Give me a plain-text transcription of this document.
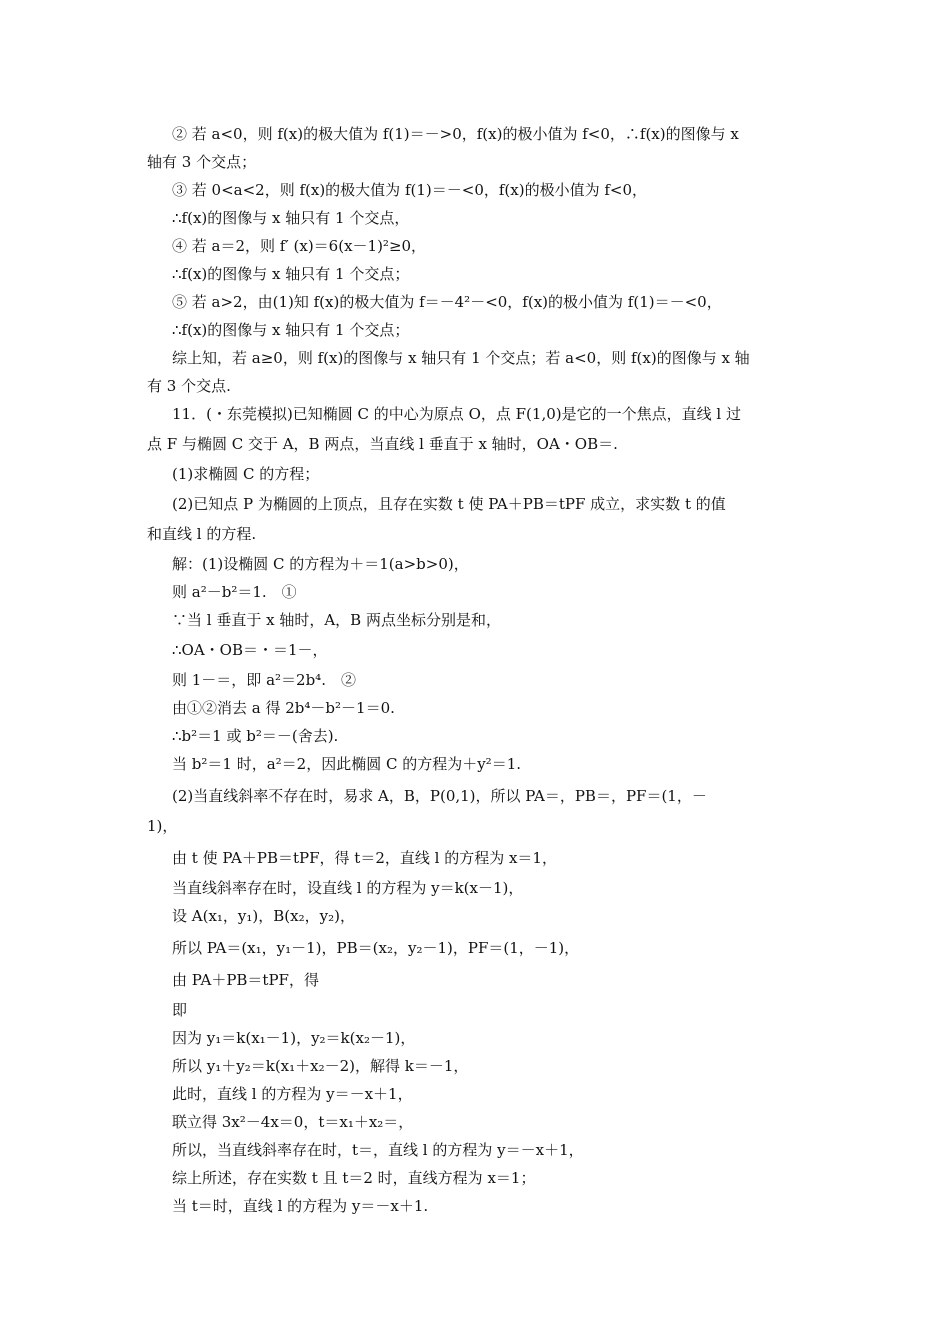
② 若 a<0，则 f(x)的极大值为 f(1)＝－>0，f(x)的极小值为 f<0，∴f(x)的图像与 x
轴有 3 个交点；
③ 若 0<a<2，则 f(x)的极大值为 f(1)＝－<0，f(x)的极小值为 f<0，
∴f(x)的图像与 x 轴只有 1 个交点，
④ 若 a＝2，则 f′ (x)＝6(x－1)²≥0，
∴f(x)的图像与 x 轴只有 1 个交点；
⑤ 若 a>2，由(1)知 f(x)的极大值为 f＝－4²－<0，f(x)的极小值为 f(1)＝－<0，
∴f(x)的图像与 x 轴只有 1 个交点；
综上知，若 a≥0，则 f(x)的图像与 x 轴只有 1 个交点；若 a<0，则 f(x)的图像与 x 轴
有 3 个交点.
11．(・东莞模拟)已知椭圆 C 的中心为原点 O，点 F(1,0)是它的一个焦点，直线 l 过
点 F 与椭圆 C 交于 A，B 两点，当直线 l 垂直于 x 轴时，OA・OB＝.
(1)求椭圆 C 的方程；
(2)已知点 P 为椭圆的上顶点，且存在实数 t 使 PA＋PB＝tPF 成立，求实数 t 的值
和直线 l 的方程.
解：(1)设椭圆 C 的方程为＋＝1(a>b>0)，
则 a²－b²＝1.　①
∵当 l 垂直于 x 轴时，A，B 两点坐标分别是和，
∴OA・OB＝・＝1－，
则 1－＝，即 a²＝2b⁴.　②
由①②消去 a 得 2b⁴－b²－1＝0.
∴b²＝1 或 b²＝－(舍去).
当 b²＝1 时，a²＝2，因此椭圆 C 的方程为＋y²＝1.
(2)当直线斜率不存在时，易求 A，B，P(0,1)，所以 PA＝，PB＝，PF＝(1，－
1)，
由 t 使 PA＋PB＝tPF，得 t＝2，直线 l 的方程为 x＝1，
当直线斜率存在时，设直线 l 的方程为 y＝k(x－1)，
设 A(x₁，y₁)，B(x₂，y₂)，
所以 PA＝(x₁，y₁－1)，PB＝(x₂，y₂－1)，PF＝(1，－1)，
由 PA＋PB＝tPF，得
即
因为 y₁＝k(x₁－1)，y₂＝k(x₂－1)，
所以 y₁＋y₂＝k(x₁＋x₂－2)，解得 k＝－1，
此时，直线 l 的方程为 y＝－x＋1，
联立得 3x²－4x＝0，t＝x₁＋x₂＝，
所以，当直线斜率存在时，t＝，直线 l 的方程为 y＝－x＋1，
综上所述，存在实数 t 且 t＝2 时，直线方程为 x＝1；
当 t＝时，直线 l 的方程为 y＝－x＋1.
